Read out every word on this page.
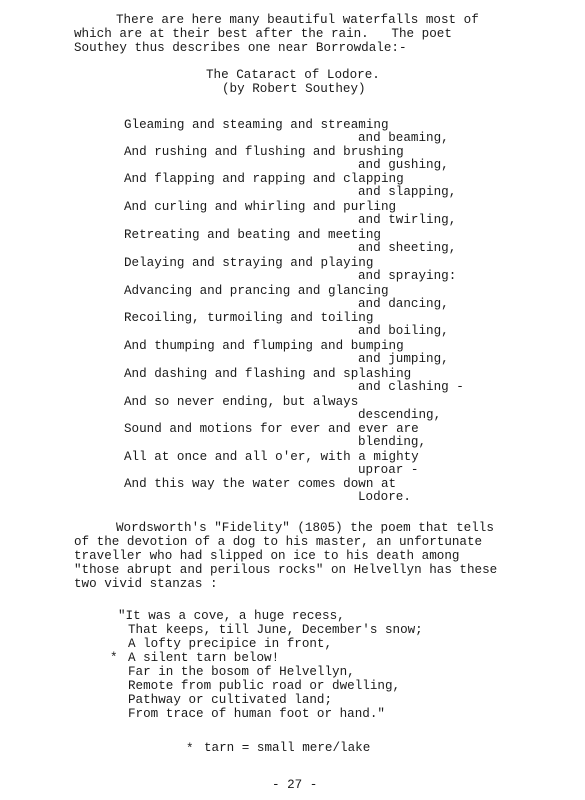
There are here many beautiful waterfalls most of
which are at their best after the rain.   The poet
Southey thus describes one near Borrowdale:-
The Cataract of Lodore.
(by Robert Southey)
Gleaming and steaming and streaming
and beaming,
And rushing and flushing and brushing
and gushing,
And flapping and rapping and clapping
and slapping,
And curling and whirling and purling
and twirling,
Retreating and beating and meeting
and sheeting,
Delaying and straying and playing
and spraying:
Advancing and prancing and glancing
and dancing,
Recoiling, turmoiling and toiling
and boiling,
And thumping and flumping and bumping
and jumping,
And dashing and flashing and splashing
and clashing -
And so never ending, but always
descending,
Sound and motions for ever and ever are
blending,
All at once and all o'er, with a mighty
uproar -
And this way the water comes down at
Lodore.
Wordsworth's "Fidelity" (1805) the poem that tells
of the devotion of a dog to his master, an unfortunate
traveller who had slipped on ice to his death among
"those abrupt and perilous rocks" on Helvellyn has these
two vivid stanzas :
"It was a cove, a huge recess,
That keeps, till June, December's snow;
A lofty precipice in front,
* A silent tarn below!
Far in the bosom of Helvellyn,
Remote from public road or dwelling,
Pathway or cultivated land;
From trace of human foot or hand."
* tarn = small mere/lake
- 27 -
